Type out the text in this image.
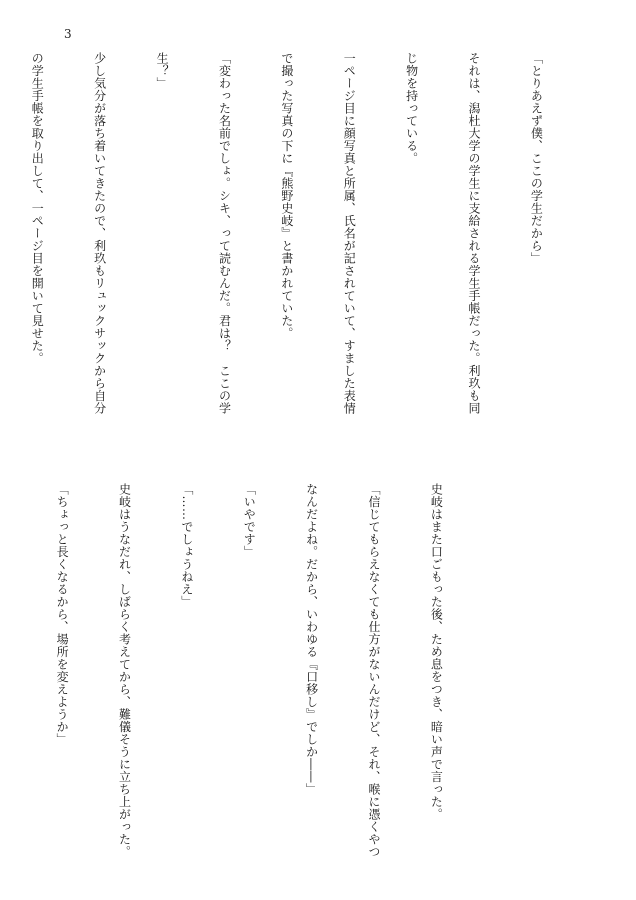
3

「とりあえず僕、ここの学生だから」

それは、潟杜大学の学生に支給される学生手帳だった。利玖も同

じ物を持っている。

一ページ目に顔写真と所属、氏名が記されていて、すました表情

で撮った写真の下に『熊野史岐』と書かれていた。

「変わった名前でしょ。シキ、って読むんだ。君は？　ここの学

生？」

少し気分が落ち着いてきたので、利玖もリュックサックから自分

の学生手帳を取り出して、一ページ目を開いて見せた。

史岐はまた口ごもった後、ため息をつき、暗い声で言った。

「信じてもらえなくても仕方がないんだけど、それ、喉に憑くやつ

なんだよね。だから、いわゆる『口移し』でしか――」

「いやです」

「……でしょうねえ」

史岐はうなだれ、しばらく考えてから、難儀そうに立ち上がった。

「ちょっと長くなるから、場所を変えようか」
